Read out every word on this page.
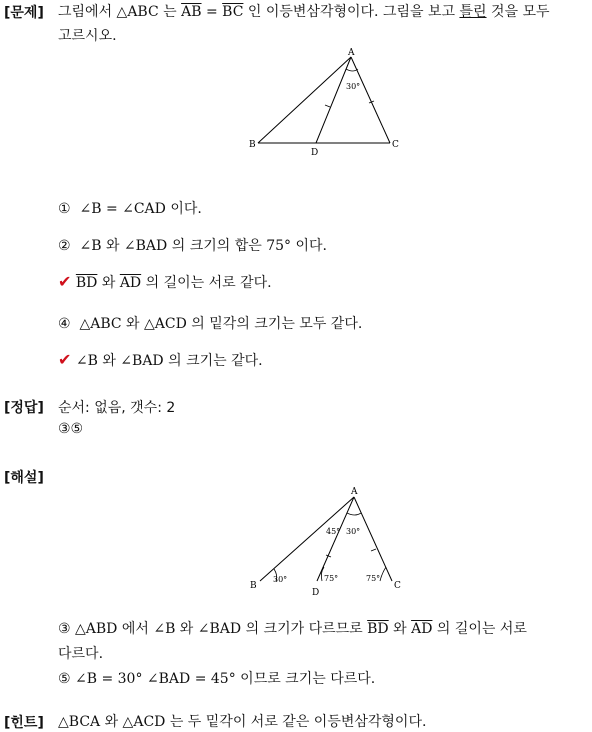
[문제] 그림에서 △ABC 는 $\overline{AB} = \overline{BC}$ 인 이등변삼각형이다. 그림을 보고 틀린 것을 모두
고르시오.
A
B	C
D
30°
① ∠B = ∠CAD 이다.
② ∠B 와 ∠BAD 의 크기의 합은 75° 이다.
✔ $\overline{BD}$ 와 $\overline{AD}$ 의 길이는 서로 같다.
④ △ABC 와 △ACD 의 밑각의 크기는 모두 같다.
✔ ∠B 와 ∠BAD 의 크기는 같다.
[정답] 순서: 없음, 갯수: 2
③⑤
[해설]
A
B	C
D
45° 30°
30°	75°	75°
③ △ABD 에서 ∠B 와 ∠BAD 의 크기가 다르므로 $\overline{BD}$ 와 $\overline{AD}$ 의 길이는 서로
다르다.
⑤ ∠B = 30° ∠BAD = 45° 이므로 크기는 다르다.
[힌트] △BCA 와 △ACD 는 두 밑각이 서로 같은 이등변삼각형이다.
